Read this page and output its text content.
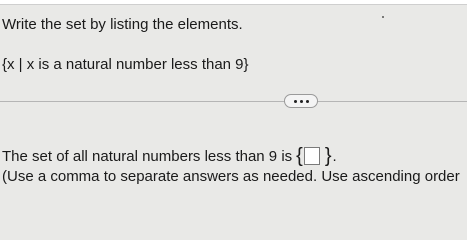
Write the set by listing the elements.
{x | x is a natural number less than 9}
The set of all natural numbers less than 9 is { } .
(Use a comma to separate answers as needed. Use ascending order
